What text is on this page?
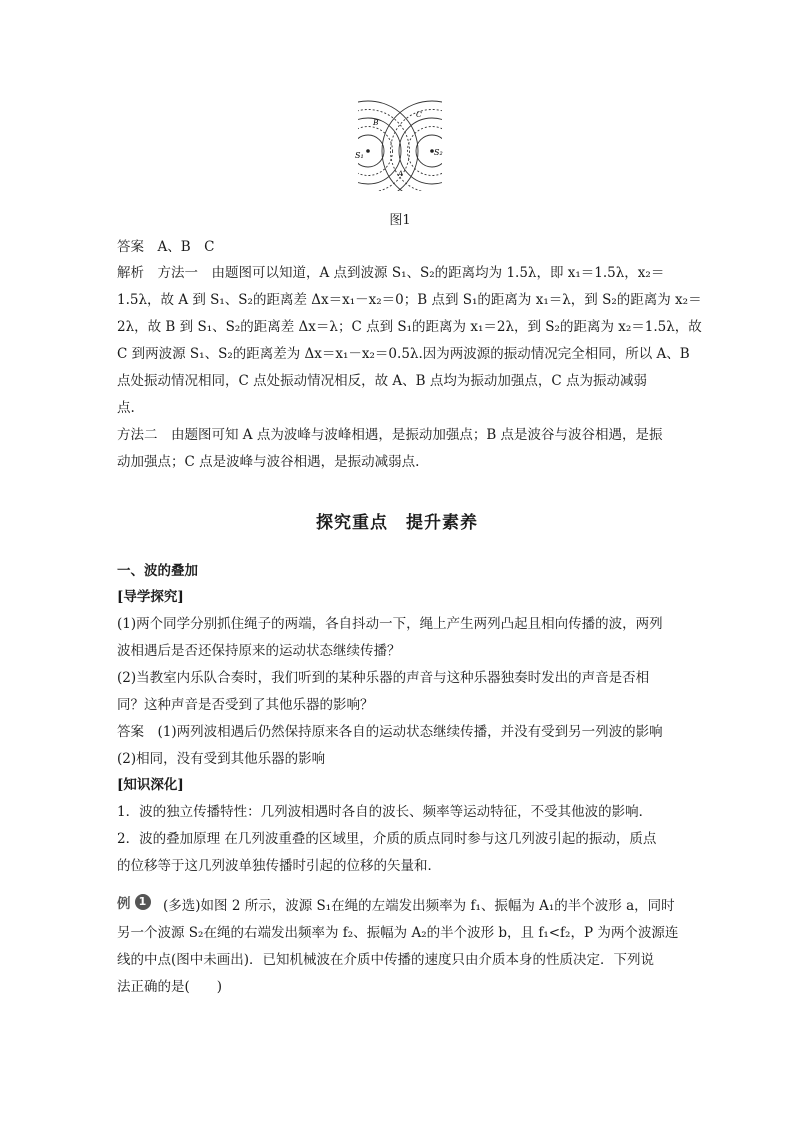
S₁	S₂
A
B
C
图1
答案　A、B　C
解析　方法一　由题图可以知道，A 点到波源 S₁、S₂的距离均为 1.5λ，即 x₁＝1.5λ，x₂＝
1.5λ，故 A 到 S₁、S₂的距离差 Δx＝x₁－x₂＝0；B 点到 S₁的距离为 x₁＝λ，到 S₂的距离为 x₂＝
2λ，故 B 到 S₁、S₂的距离差 Δx＝λ；C 点到 S₁的距离为 x₁＝2λ，到 S₂的距离为 x₂＝1.5λ，故
C 到两波源 S₁、S₂的距离差为 Δx＝x₁－x₂＝0.5λ.因为两波源的振动情况完全相同，所以 A、B
点处振动情况相同，C 点处振动情况相反，故 A、B 点均为振动加强点，C 点为振动减弱
点.
方法二　由题图可知 A 点为波峰与波峰相遇，是振动加强点；B 点是波谷与波谷相遇，是振
动加强点；C 点是波峰与波谷相遇，是振动减弱点.
探究重点　提升素养
一、波的叠加
[导学探究]
(1)两个同学分别抓住绳子的两端，各自抖动一下，绳上产生两列凸起且相向传播的波，两列
波相遇后是否还保持原来的运动状态继续传播？
(2)当教室内乐队合奏时，我们听到的某种乐器的声音与这种乐器独奏时发出的声音是否相
同？这种声音是否受到了其他乐器的影响？
答案　(1)两列波相遇后仍然保持原来各自的运动状态继续传播，并没有受到另一列波的影响
(2)相同，没有受到其他乐器的影响
[知识深化]
1．波的独立传播特性：几列波相遇时各自的波长、频率等运动特征，不受其他波的影响．
2．波的叠加原理 在几列波重叠的区域里，介质的质点同时参与这几列波引起的振动，质点
的位移等于这几列波单独传播时引起的位移的矢量和．
例 1	(多选)如图 2 所示，波源 S₁在绳的左端发出频率为 f₁、振幅为 A₁的半个波形 a，同时
另一个波源 S₂在绳的右端发出频率为 f₂、振幅为 A₂的半个波形 b，且 f₁<f₂，P 为两个波源连
线的中点(图中未画出)．已知机械波在介质中传播的速度只由介质本身的性质决定．下列说
法正确的是(　　)
